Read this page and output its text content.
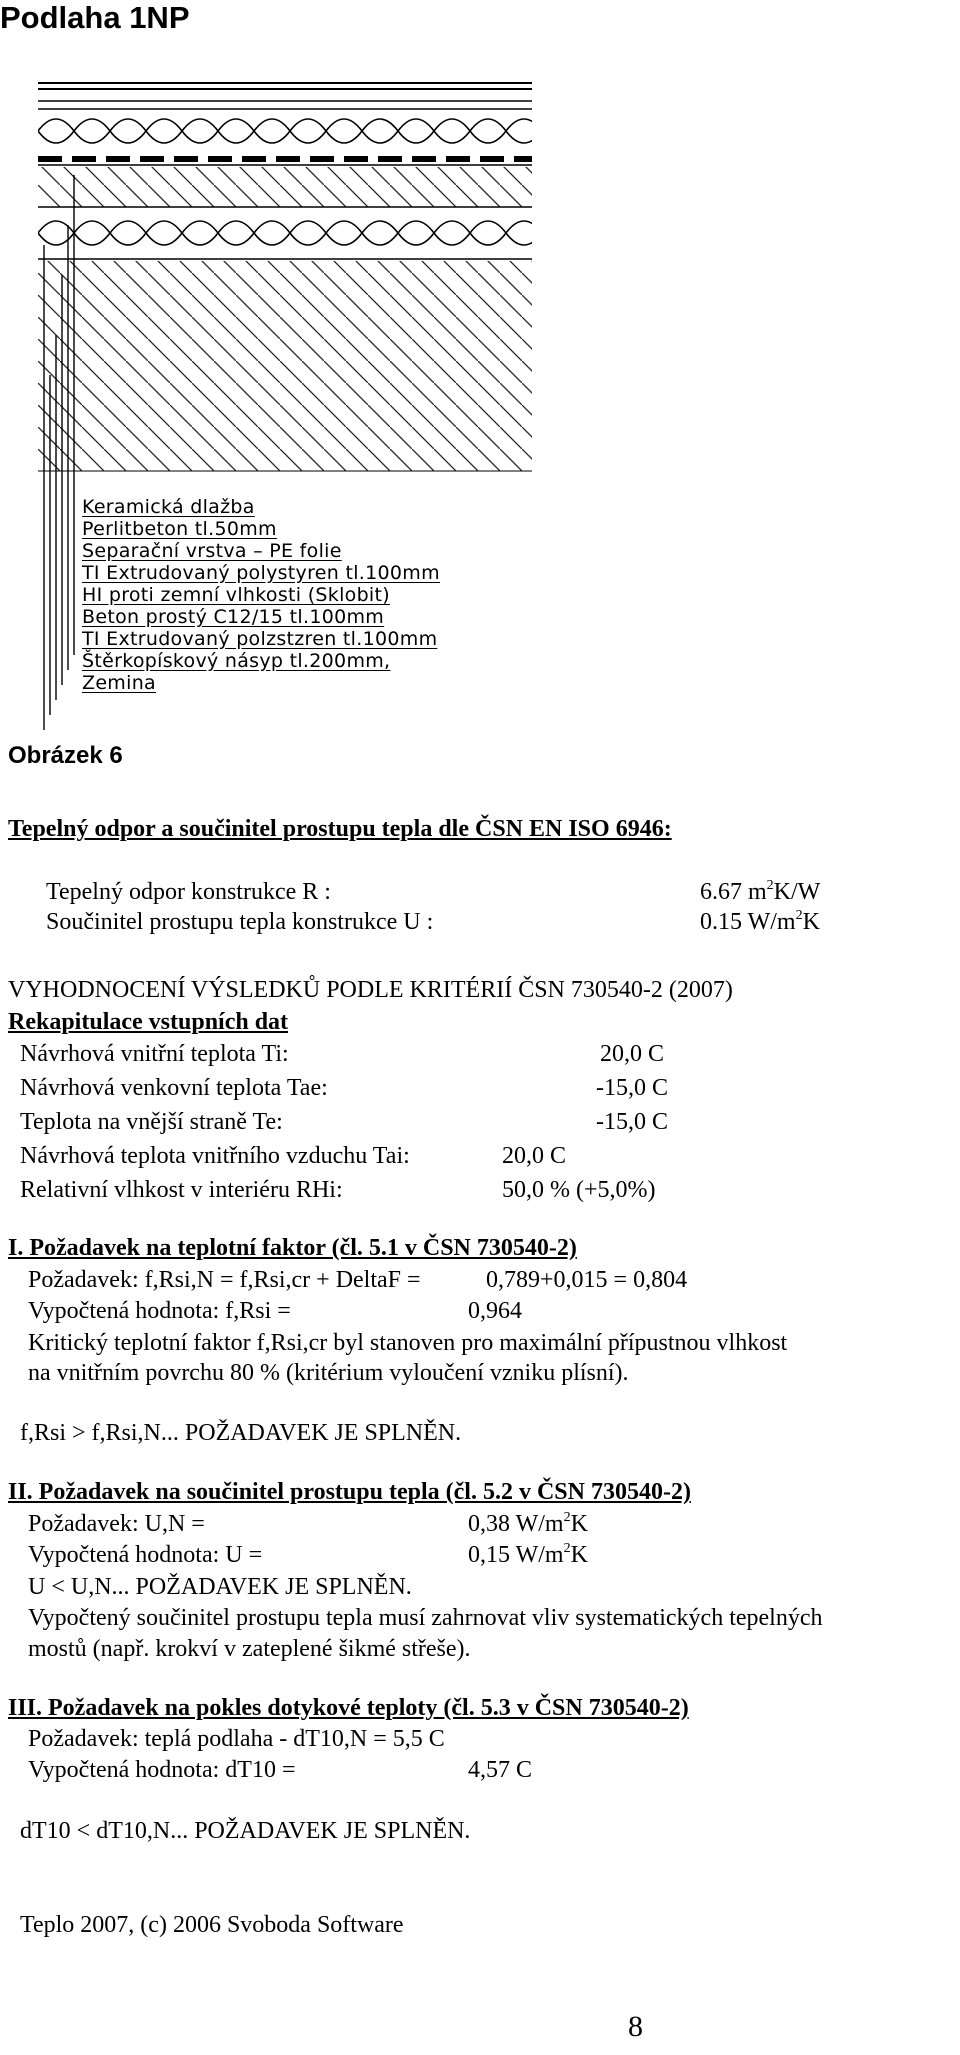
Podlaha 1NP
Keramická dlažba
Perlitbeton tl.50mm
Separační vrstva – PE folie
TI Extrudovaný polystyren tl.100mm
HI proti zemní vlhkosti (Sklobit)
Beton prostý C12/15 tl.100mm
TI Extrudovaný polzstzren tl.100mm
Štěrkopískový násyp tl.200mm,
Zemina
Obrázek 6
Tepelný odpor a součinitel prostupu tepla dle ČSN EN ISO 6946:
Tepelný odpor konstrukce R :	6.67 $m^2K/W$
Součinitel prostupu tepla konstrukce U :	0.15 $W/m^2K$
VYHODNOCENÍ VÝSLEDKŮ PODLE KRITÉRIÍ ČSN 730540-2 (2007)
Rekapitulace vstupních dat
Návrhová vnitřní teplota Ti:	20,0 C
Návrhová venkovní teplota Tae:	-15,0 C
Teplota na vnější straně Te:	-15,0 C
Návrhová teplota vnitřního vzduchu Tai:	20,0 C
Relativní vlhkost v interiéru RHi:	50,0 % (+5,0%)
I. Požadavek na teplotní faktor (čl. 5.1 v ČSN 730540-2)
Požadavek: f,Rsi,N = f,Rsi,cr + DeltaF =	0,789+0,015 = 0,804
Vypočtená hodnota: f,Rsi =	0,964
Kritický teplotní faktor f,Rsi,cr byl stanoven pro maximální přípustnou vlhkost
na vnitřním povrchu 80 % (kritérium vyloučení vzniku plísní).
f,Rsi > f,Rsi,N... POŽADAVEK JE SPLNĚN.
II. Požadavek na součinitel prostupu tepla (čl. 5.2 v ČSN 730540-2)
Požadavek: U,N =	0,38 $W/m^2K$
Vypočtená hodnota: U =	0,15 $W/m^2K$
U < U,N... POŽADAVEK JE SPLNĚN.
Vypočtený součinitel prostupu tepla musí zahrnovat vliv systematických tepelných
mostů (např. krokví v zateplené šikmé střeše).
III. Požadavek na pokles dotykové teploty (čl. 5.3 v ČSN 730540-2)
Požadavek: teplá podlaha - dT10,N = 5,5 C
Vypočtená hodnota: dT10 =	4,57 C
dT10 < dT10,N... POŽADAVEK JE SPLNĚN.
Teplo 2007, (c) 2006 Svoboda Software
8
